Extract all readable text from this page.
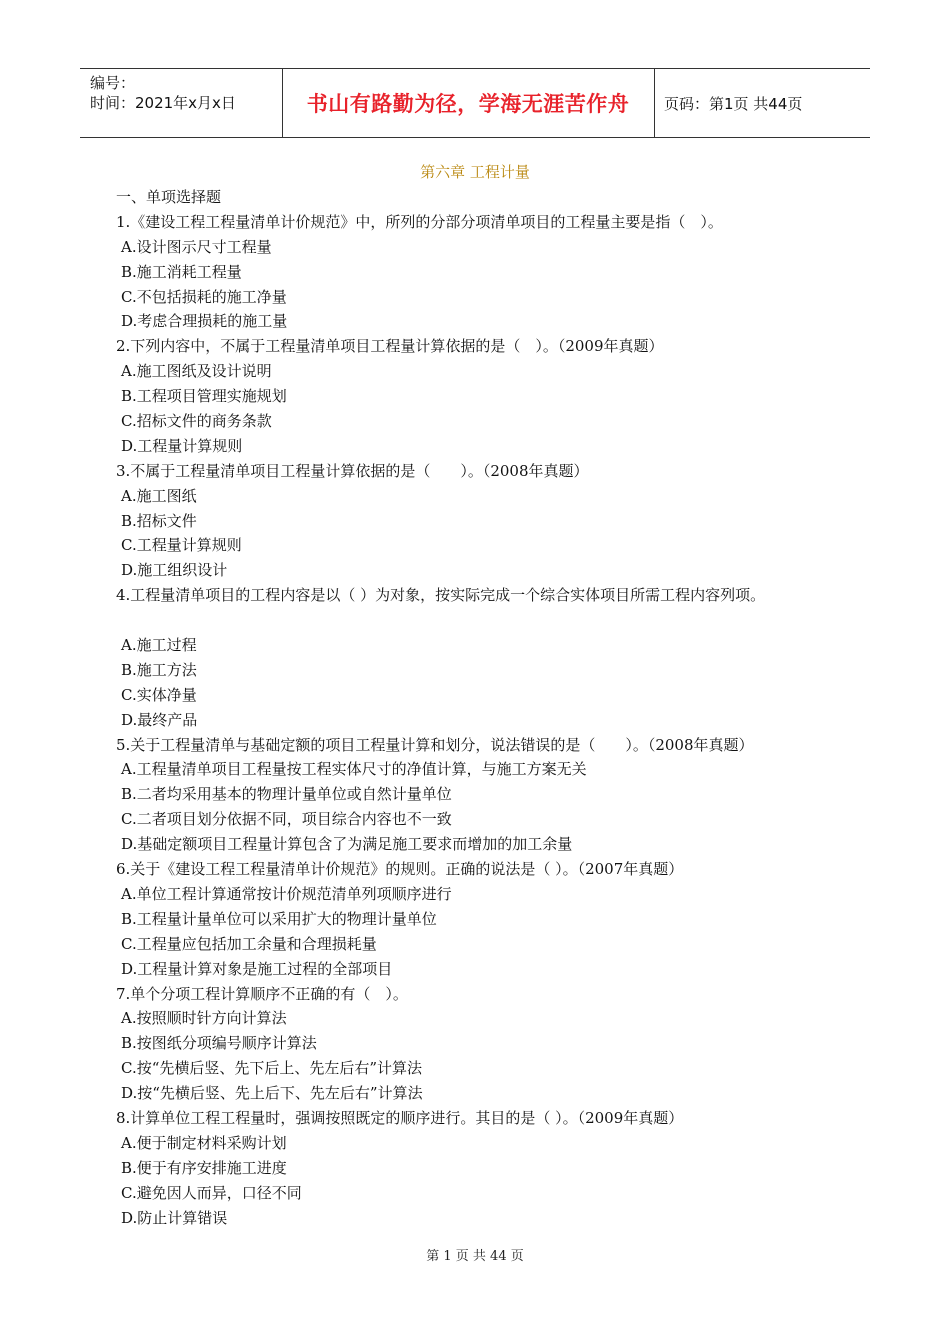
编号：
时间：2021年x月x日	书山有路勤为径，学海无涯苦作舟	页码：第1页 共44页
第六章 工程计量
一、单项选择题
1.《建设工程工程量清单计价规范》中，所列的分部分项清单项目的工程量主要是指（　）。
A.设计图示尺寸工程量
B.施工消耗工程量
C.不包括损耗的施工净量
D.考虑合理损耗的施工量
2.下列内容中，不属于工程量清单项目工程量计算依据的是（　）。（2009年真题）
A.施工图纸及设计说明
B.工程项目管理实施规划
C.招标文件的商务条款
D.工程量计算规则
3.不属于工程量清单项目工程量计算依据的是（　　）。（2008年真题）
A.施工图纸
B.招标文件
C.工程量计算规则
D.施工组织设计
4.工程量清单项目的工程内容是以（ ）为对象，按实际完成一个综合实体项目所需工程内容列项。
A.施工过程
B.施工方法
C.实体净量
D.最终产品
5.关于工程量清单与基础定额的项目工程量计算和划分，说法错误的是（　　）。（2008年真题）
A.工程量清单项目工程量按工程实体尺寸的净值计算，与施工方案无关
B.二者均采用基本的物理计量单位或自然计量单位
C.二者项目划分依据不同，项目综合内容也不一致
D.基础定额项目工程量计算包含了为满足施工要求而增加的加工余量
6.关于《建设工程工程量清单计价规范》的规则。正确的说法是（ ）。（2007年真题）
A.单位工程计算通常按计价规范清单列项顺序进行
B.工程量计量单位可以采用扩大的物理计量单位
C.工程量应包括加工余量和合理损耗量
D.工程量计算对象是施工过程的全部项目
7.单个分项工程计算顺序不正确的有（　）。
A.按照顺时针方向计算法
B.按图纸分项编号顺序计算法
C.按“先横后竖、先下后上、先左后右”计算法
D.按“先横后竖、先上后下、先左后右”计算法
8.计算单位工程工程量时，强调按照既定的顺序进行。其目的是（ ）。（2009年真题）
A.便于制定材料采购计划
B.便于有序安排施工进度
C.避免因人而异，口径不同
D.防止计算错误
第 1 页 共 44 页
